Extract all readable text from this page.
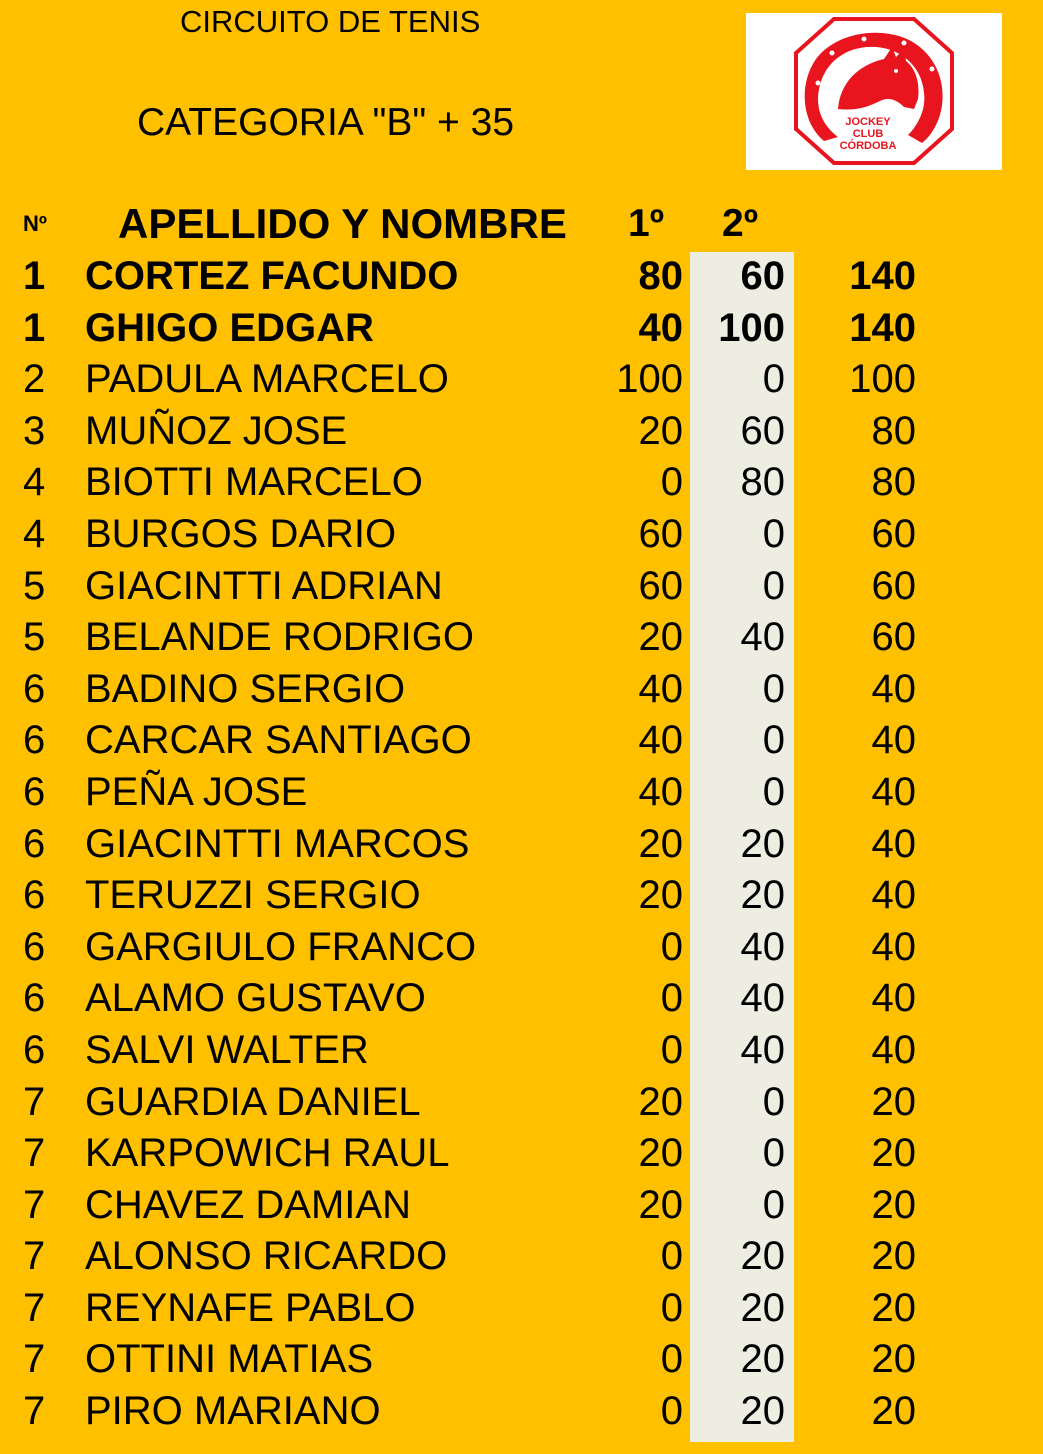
CIRCUITO DE TENIS
CATEGORIA "B" + 35	JOCKEY
CLUB
CÓRDOBA
Nº APELLIDO Y NOMBRE 1º 2º
1 CORTEZ FACUNDO	80 60 140
1 GHIGO EDGAR	40 100 140
2 PADULA MARCELO	100 0 100
3 MUÑOZ JOSE	20 60 80
4 BIOTTI MARCELO	0 80 80
4 BURGOS DARIO	60 0 60
5 GIACINTTI ADRIAN	60 0 60
5 BELANDE RODRIGO	20 40 60
6 BADINO SERGIO	40 0 40
6 CARCAR SANTIAGO	40 0 40
6 PEÑA JOSE	40 0 40
6 GIACINTTI MARCOS	20 20 40
6 TERUZZI SERGIO	20 20 40
6 GARGIULO FRANCO	0 40 40
6 ALAMO GUSTAVO	0 40 40
6 SALVI WALTER	0 40 40
7 GUARDIA DANIEL	20 0 20
7 KARPOWICH RAUL	20 0 20
7 CHAVEZ DAMIAN	20 0 20
7 ALONSO RICARDO	0 20 20
7 REYNAFE PABLO	0 20 20
7 OTTINI MATIAS	0 20 20
7 PIRO MARIANO	0 20 20
